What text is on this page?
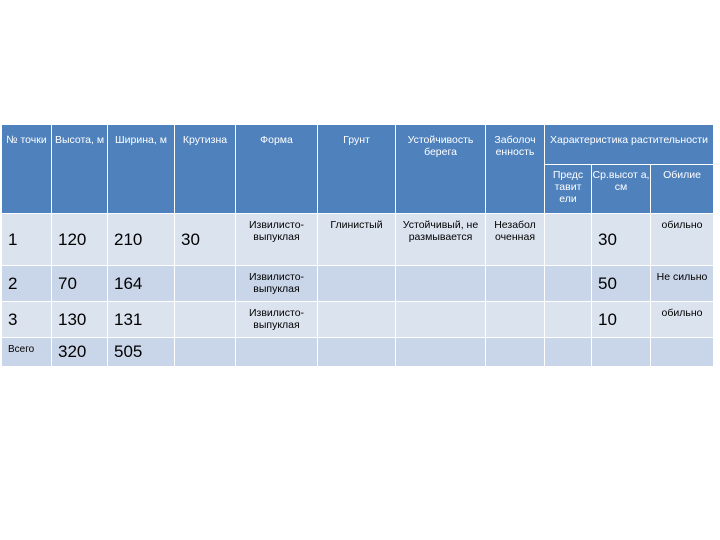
№ точки	Высота, м	Ширина, м	Крутизна	Форма	Грунт	Устойчивость берега	Заболоч енность	Характеристика растительности		
								Предс тавит ели	Ср.высот а, см	Обилие
1	120	210	30	Извилисто-выпуклая	Глинистый	Устойчивый, не размывается	Незабол оченная		30	обильно
2	70	164		Извилисто-выпуклая					50	Не сильно
3	130	131		Извилисто-выпуклая					10	обильно
Всего	320	505								
